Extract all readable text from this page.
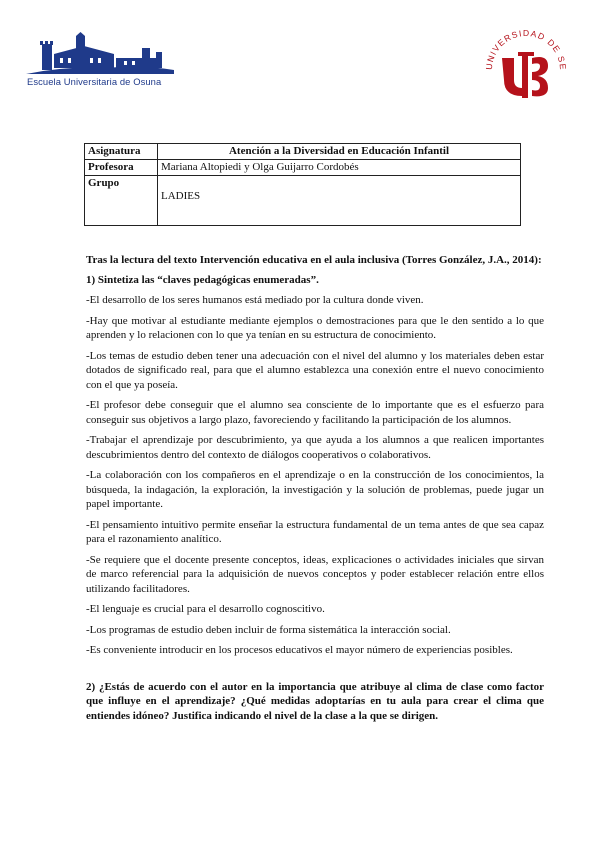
Escuela Universitaria de Osuna
UNIVERSIDAD DE SE
Asignatura	Atención a la Diversidad en Educación Infantil
Profesora	Mariana Altopiedi y Olga Guijarro Cordobés
Grupo	LADIES

Tras la lectura del texto Intervención educativa en el aula inclusiva (Torres González, J.A., 2014):

1) Sintetiza las “claves pedagógicas enumeradas”.

-El desarrollo de los seres humanos está mediado por la cultura donde viven.

-Hay que motivar al estudiante mediante ejemplos o demostraciones para que le den sentido a lo que aprenden y lo relacionen con lo que ya tenían en su estructura de conocimiento.

-Los temas de estudio deben tener una adecuación con el nivel del alumno y los materiales deben estar dotados de significado real, para que el alumno establezca una conexión entre el nuevo conocimiento con el que ya poseía.

-El profesor debe conseguir que el alumno sea consciente de lo importante que es el esfuerzo para conseguir sus objetivos a largo plazo, favoreciendo y facilitando la participación de los alumnos.

-Trabajar el aprendizaje por descubrimiento, ya que ayuda a los alumnos a que realicen importantes descubrimientos dentro del contexto de diálogos cooperativos o colaborativos.

-La colaboración con los compañeros en el aprendizaje o en la construcción de los conocimientos, la búsqueda, la indagación, la exploración, la investigación y la solución de problemas, puede jugar un papel importante.

-El pensamiento intuitivo permite enseñar la estructura fundamental de un tema antes de que sea capaz para el razonamiento analítico.

-Se requiere que el docente presente conceptos, ideas, explicaciones o actividades iniciales que sirvan de marco referencial para la adquisición de nuevos conceptos y poder establecer relación entre ellos utilizando facilitadores.

-El lenguaje es crucial para el desarrollo cognoscitivo.

-Los programas de estudio deben incluir de forma sistemática la interacción social.

-Es conveniente introducir en los procesos educativos el mayor número de experiencias posibles.

2) ¿Estás de acuerdo con el autor en la importancia que atribuye al clima de clase como factor que influye en el aprendizaje? ¿Qué medidas adoptarías en tu aula para crear el clima que entiendes idóneo? Justifica indicando el nivel de la clase a la que se dirigen.
